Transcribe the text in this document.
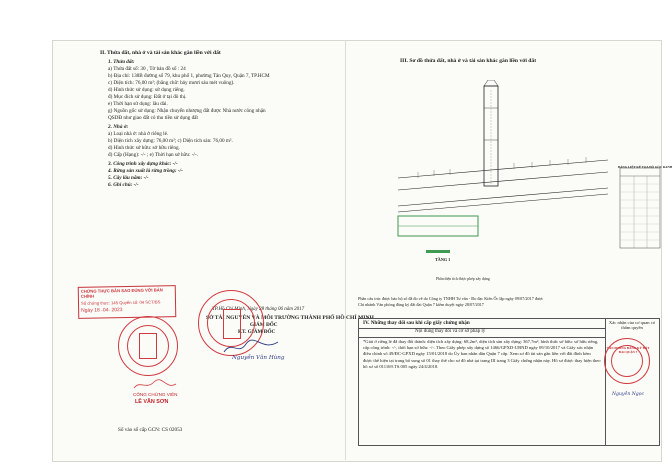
II. Thửa đất, nhà ở và tài sản khác gắn liền với đất
1. Thửa đất:
a) Thửa đất số: 30 , Tờ bản đồ số : 24
b) Địa chỉ: 138B đường số 79, khu phố 1, phường Tân Quy, Quận 7, TP.HCM
c) Diện tích: 76,00 m²; (bằng chữ: bảy mươi sáu mét vuông).
d) Hình thức sử dụng: sử dụng riêng.
đ) Mục đích sử dụng: Đất ở tại đô thị.
e) Thời hạn sử dụng: lâu dài.
g) Nguồn gốc sử dụng: Nhận chuyển nhượng đất được Nhà nước công nhận
QSDĐ như giao đất có thu tiền sử dụng đất
2. Nhà ở:
a) Loại nhà ở: nhà ở riêng lẻ.
b) Diện tích xây dựng: 76,00 m²; c) Diện tích sàn: 76,00 m².
d) Hình thức sở hữu: sở hữu riêng.
đ) Cấp (Hạng): -/- ; e) Thời hạn sở hữu: -/-.
3. Công trình xây dựng khác: -/-
4. Rừng sản xuất là rừng trồng: -/-
5. Cây lâu năm: -/-
6. Ghi chú: -/-
CHỨNG THỰC BẢN SAO ĐÚNG VỚI BẢN CHÍNH
Số chứng thực: 145 Quyển số: 04 SCT/BS
Ngày 18 -04- 2023	TP.Hồ Chí Minh, Ngày 28 tháng 06 năm 2017
SỞ TÀI NGUYÊN VÀ MÔI TRƯỜNG THÀNH PHỐ HỒ CHÍ MINH
GIÁM ĐỐC
KT. GIÁM ĐỐC
Nguyễn Văn Hùng
CÔNG CHỨNG VIÊN
LÊ VĂN SƠN
Số vào sổ cấp GCN: CS 02053
III. Sơ đồ thửa đất, nhà ở và tài sản khác gắn liền với đất
BẢNG LIỆT KÊ TỌA ĐỘ GÓC RANH
TẦNG 1
Phần diện tích được phép xây dựng
Phần cấu trúc được bảo hộ sổ đã đo vẽ do Công ty TNHH Tư vấn - Đo đạc Kiến Ốc lập ngày 09/07/2017 được
Chi nhánh Văn phòng đăng ký đất đai Quận 7 kiểm duyệt ngày 28/07/2017
IV. Những thay đổi sau khi cấp giấy chứng nhận
Nội dung thay đổi và cơ sở pháp lý
Xác nhận của cơ quan có thẩm quyền
*Giải ở riêng lẻ đã thay đổi thành: diện tích xây dựng: 68,2m², diện tích sàn xây dựng: 367,7m², hình thức sở hữu: sở hữu riêng, cấp công trình: -/-, thời hạn sở hữu: -/-. Theo Giấy phép xây dựng số 1466/GPXD-UBND ngày 09/10/2017 và Giấy xác nhận điều chỉnh số 49/ĐC-GPXD ngày 15/01/2018 do Ủy ban nhân dân Quận 7 cấp. Xem sơ đồ tài sản gắn liền với đất đính kèm được thể hiện tại trang bổ sung số 01 thay thế cho sơ đồ nhà tại trang III trang 3 Giấy chứng nhận này. Hồ sơ được thay hiện theo hồ sơ số 011169.TS.005 ngày 24/4/2018.
VĂN PHÒNG ĐĂNG KÝ ĐẤT ĐAI QUẬN 7
Nguyễn Ngọc
